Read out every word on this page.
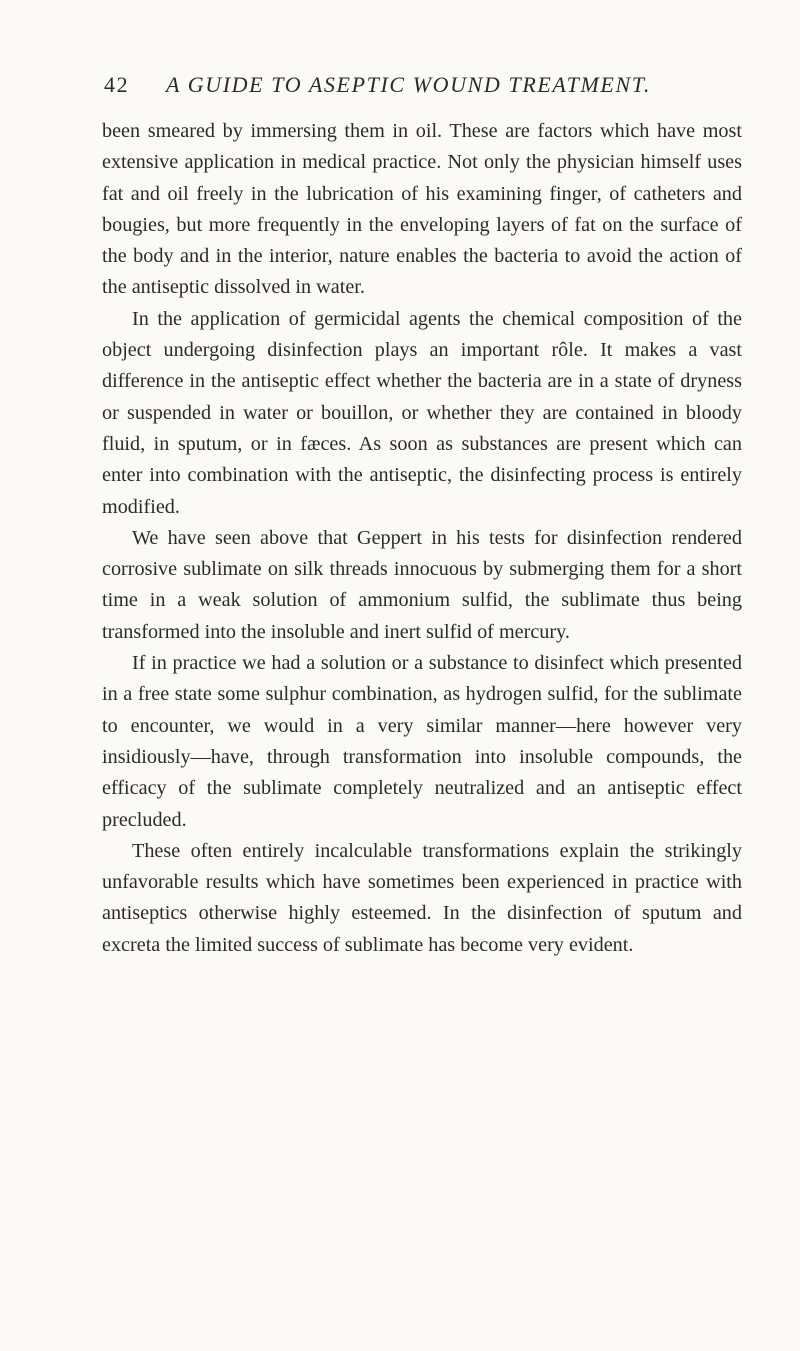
42 A GUIDE TO ASEPTIC WOUND TREATMENT.

been smeared by immersing them in oil. These are factors which have most extensive application in medical practice. Not only the physician himself uses fat and oil freely in the lubrication of his examining finger, of catheters and bougies, but more frequently in the enveloping layers of fat on the surface of the body and in the interior, nature enables the bacteria to avoid the action of the antiseptic dissolved in water.

In the application of germicidal agents the chemical composition of the object undergoing disinfection plays an important rôle. It makes a vast difference in the antiseptic effect whether the bacteria are in a state of dryness or suspended in water or bouillon, or whether they are contained in bloody fluid, in sputum, or in fæces. As soon as substances are present which can enter into combination with the antiseptic, the disinfecting process is entirely modified.

We have seen above that Geppert in his tests for disinfection rendered corrosive sublimate on silk threads innocuous by submerging them for a short time in a weak solution of ammonium sulfid, the sublimate thus being transformed into the insoluble and inert sulfid of mercury.

If in practice we had a solution or a substance to disinfect which presented in a free state some sulphur combination, as hydrogen sulfid, for the sublimate to encounter, we would in a very similar manner—here however very insidiously—have, through transformation into insoluble compounds, the efficacy of the sublimate completely neutralized and an antiseptic effect precluded.

These often entirely incalculable transformations explain the strikingly unfavorable results which have sometimes been experienced in practice with antiseptics otherwise highly esteemed. In the disinfection of sputum and excreta the limited success of sublimate has become very evident.
